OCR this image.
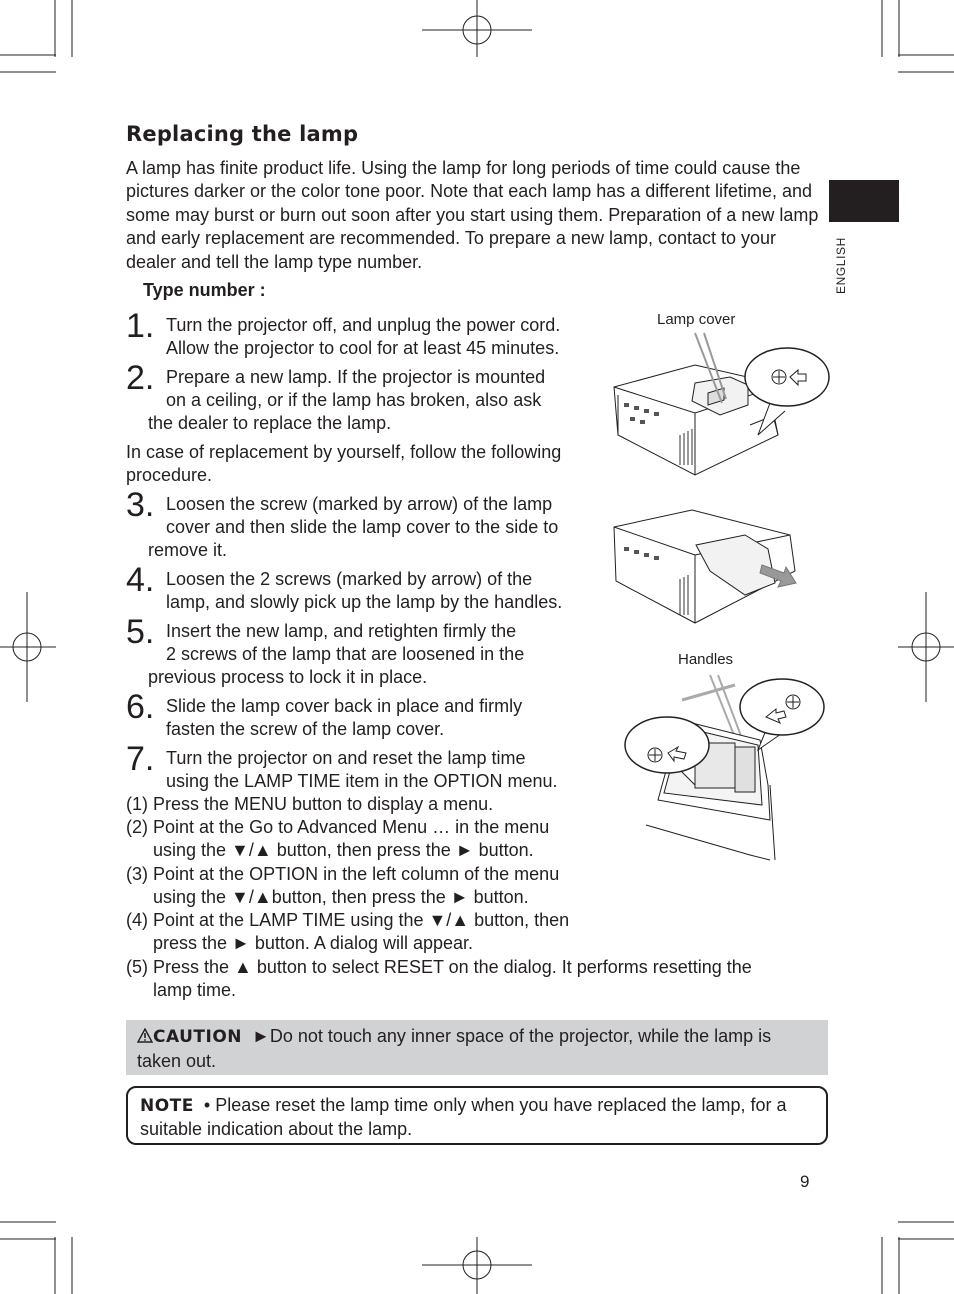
ENGLISH
Replacing the lamp
A lamp has finite product life. Using the lamp for long periods of time could cause the pictures darker or the color tone poor. Note that each lamp has a different lifetime, and some may burst or burn out soon after you start using them. Preparation of a new lamp and early replacement are recommended. To prepare a new lamp, contact to your dealer and tell the lamp type number.
Type number :
1. Turn the projector off, and unplug the power cord.
Allow the projector to cool for at least 45 minutes.
2. Prepare a new lamp. If the projector is mounted
on a ceiling, or if the lamp has broken, also ask
the dealer to replace the lamp.
In case of replacement by yourself, follow the following procedure.
3. Loosen the screw (marked by arrow) of the lamp
cover and then slide the lamp cover to the side to
remove it.
4. Loosen the 2 screws (marked by arrow) of the
lamp, and slowly pick up the lamp by the handles.
5. Insert the new lamp, and retighten firmly the
2 screws of the lamp that are loosened in the
previous process to lock it in place.
6. Slide the lamp cover back in place and firmly
fasten the screw of the lamp cover.
7. Turn the projector on and reset the lamp time
using the LAMP TIME item in the OPTION menu.
(1) Press the MENU button to display a menu.
(2) Point at the Go to Advanced Menu … in the menu
using the ▼/▲ button, then press the ► button.
(3) Point at the OPTION in the left column of the menu
using the ▼/▲button, then press the ► button.
(4) Point at the LAMP TIME using the ▼/▲ button, then
press the ► button. A dialog will appear.
(5) Press the ▲ button to select RESET on the dialog. It performs resetting the
lamp time.
Lamp cover
Handles

CAUTION ►Do not touch any inner space of the projector, while the lamp is taken out.

NOTE • Please reset the lamp time only when you have replaced the lamp, for a suitable indication about the lamp.

9
